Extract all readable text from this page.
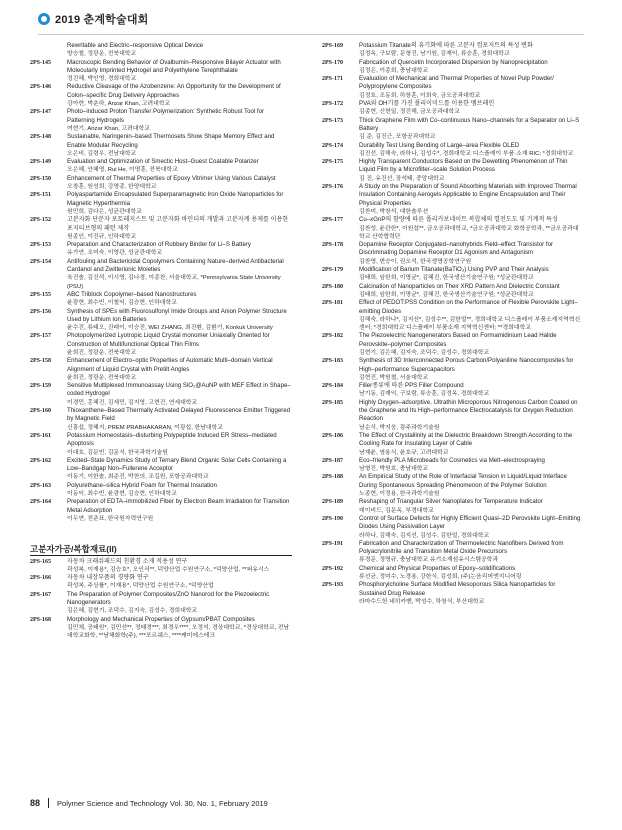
2019 춘계학술대회
Rewritable and Electric–responsive Optical Device
방승철, 정광운, 전북대학교
2PS-145	Macroscopic Bending Behavior of Ovalbumin–Responsive Bilayer Actuator with Molecularly Imprinted Hydrogel and Polyethylene Terephthalate
정진혜, 박인영, 경희대학교
2PS-146	Reductive Cleavage of the Azobenzene: An Opportunity for the Development of Colon–specific Drug Delivery Approaches
강아현, 박춘하, Anzar Khan, 고려대학교
2PS-147	Photo–induced Proton Transfer Polymerization: Synthetic Robust Tool for Patterning Hydrogels
여현기, Anzar Khan, 고려대학교
2PS-148	Sustainable, Naringenin–based Thermosets Show Shape Memory Effect and Enable Modular Recycling
오은비, 김령우, 전남대학교
2PS-149	Evaluation and Optimization of Smectic Host–Guest Coatable Polarizer
오은혜, 안혜영, Rui He, 이명훈, 전북대학교
2PS-150	Enhancement of Thermal Properties of Epoxy Vitrimer Using Various Catalyst
오창훈, 원성희, 강영종, 한양대학교
2PS-151	Polyaspartamide Encapsulated Superparamagnetic Iron Oxide Nanoparticles for Magnetic Hyperthermia
원민희, 김다은, 성균관대학교
2PS-152	고분자화 단분자 포토레지스트 및 고분자화 바인더의 개발과 고분자계 용제를 이용한 포지티브형의 패턴 제작
원종인, 이진규, 인하대학교
2PS-153	Preparation and Characterization of Rubbery Binder for Li–S Battery
유가연, 조미숙, 이영관, 성균관대학교
2PS-154	Antifouling and Bactericidal Copolymers Containing Nature–derived Antibacterial Cardanol and Zwitterionic Moieties
육진솔, 김진석, 이시영, 김나경, 이종찬, 서울대학교, *Pennsylvania State University (PSU)
2PS-155	ABC Triblock Copolymer–based Nanostructures
윤광현, 최수빈, 이철익, 김승현, 인하대학교
2PS-156	Synthesis of SPEs with Fluorosulfonyl Imide Groups and Anion Polymer Structure Used by Lithium Ion Batteries
윤수진, 류태오, 진래이, 이승진, WEI ZHANG, 최진환, 김환기, Konkuk University
2PS-157	Photopolymerized Lyotropic Liquid Crystal monomer Uniaxially Oriented for Construction of Multifunctional Optical Thin Films
윤희진, 정광운, 전북대학교
2PS-158	Enhancement of Electro–optic Properties of Automatic Multi–domain Vertical Alignment of Liquid Crystal with Pretilt Angles
윤희진, 정광운, 전북대학교
2PS-159	Sensitive Multiplexed Immunoassay Using SiO₂@AuNP with MEF Effect in Shape–coded Hydrogel
이경민, 홍혜진, 김세민, 김지영, 고현진, 연세대학교
2PS-160	Thioxanthene–Based Thermally Activated Delayed Fluorescence Emitter Triggered by Magnetic Field
신흥섭, 정혜지, PREM PRABHAKARAN, 이광섭, 한남대학교
2PS-161	Potassium Homeostasis–disturbing Polypeptide Induced ER Stress–mediated Apoptosis
이대호, 김문빈, 김문식, 한국과학기술원
2PS-162	Excited–State Dynamics Study of Ternary Blend Organic Solar Cells Containing a Low–Bandgap Non–Fullerene Acceptor
이동기, 이한솔, 최준진, 박찬의, 조길원, 포항공과대학교
2PS-163	Polyurethane–silica Hybrid Foam for Thermal Insulation
이동익, 최수빈, 윤광현, 김승현, 인하대학교
2PS-164	Preparation of EDTA–immobilized Fiber by Electron Beam Irradiation for Transition Metal Adsorption
이두연, 전준표, 한국원자력연구원
고분자가공/복합재료(II)
2PS-165	자동차 크래쉬패드의 친환경 소재 적용성 연구
곽성복, 이재용*, 김승호*, 오인서**, 덕양산업 수원연구소, *덕양산업, **퍼유시스
2PS-166	자동차 내장부품의 경량화 연구
곽성복, 주상률*, 이재용*, 덕양산업 수원연구소, *덕양산업
2PS-167	The Preparation of Polymer Composites/ZnO Nanorod for the Piezoelectric Nanogenerators
김은혜, 김현기, 조덕수, 김지숙, 김성수, 경희대학교
2PS-168	Morphology and Mechanical Properties of Gypsum/PBAT Composites
김민채, 공태원*, 김민선**, 정태경***, 최경우****, 오정석, 경상대학교, *경상대학교, 전남대학교화학, **남해화학(주), ***포르쉐스, ****케미에스테크
2PS-169	Potassium Titanate의 유기화에 따른 고분자 컴포지트의 특성 변화
김정옥, 구보람, 문형진, 남기원, 김재익, 류승훈, 경희대학교
2PS-170	Fabrication of Quercetin Incorporated Dispersion by Nanoprecipitation
김정은, 이종희, 충남대학교
2PS-171	Evaluation of Mechanical and Thermal Properties of Novel Pulp Powder/ Polypropylene Composites
김정호, 조동희, 하창훈, 이희숙, 금오공과대학교
2PS-172	PVA와 OH기를 가진 폴리이미드를 이용한 멤브레인
김종현, 신현일, 정진해, 금오공과대학교
2PS-173	Thick Graphene Film with Co–continuous Nano–channels for a Separator on Li–S Battery
김 준, 김진근, 포항공과대학교
2PS-174	Durability Test Using Bending of Large–area Flexible OLED
김진선, 김해숙, 라하나, 김성수*, 경희대학교 디스플레이 부품·소재 RIC; *경희대학교
2PS-175	Highly Transparent Conductors Based on the Dewetting Phenomenon of Thin Liquid Film by a Microfilter–scale Solution Process
김 진, 유진선, 장석태, 중앙대학교
2PS-176	A Study on the Preparation of Sound Absorbing Materials with Improved Thermal Insulation Containing Aerogels Applicable to Engine Encapsulation and Their Physical Properties
김찬미, 박창석, 대한솔루션
2PS-177	Cu–xGnP의 함량에 따른 폴리카보네이트 복합체의 열전도도 및 기계적 특성
김찬성, 윤관한*, 이원섭**, 금오공과대학교, *금오공과대학교 화학공학과, **금오공과대학교 산학협력단
2PS-178	Dopamine Receptor Conjugated–nanohybrids Field–effect Transistor for Discriminating Dopamine Receptor D1 Agonism and Antagonism
김찬영, 변승이, 권오석, 한국생명공학연구원
2PS-179	Modification of Barium Titanate(BaTiO₃) Using PVP and Their Analysis
김태희, 임한희, 이명균*, 김혜진, 한국생산기술연구원; *성균관대학교
2PS-180	Calcination of Nanoparticles on Their XRD Pattern And Dielectric Constant
김태희, 임한희, 이명균*, 김혜진, 한국생산기술연구원; *성균관대학교
2PS-181	Effect of PEDOT:PSS Condition on the Performance of Flexible Perovskite Light–emitting Diodes
김해숙, 라하나*, 김지선*, 김성수**, 김한얼**, 경희대학교 디스플레이 부품소재지역혁신센터; *경희대학교 디스플레이 부품소재 지역혁신센터; **경희대학교
2PS-182	The Piezoelectric Nanogenerators Based on Formamidinium Lead Halide Perovskite–polymer Composites
김현기, 김은혜, 김지숙, 조덕수, 김성수, 경희대학교
2PS-183	Synthesis of 3D Interconnected Porous Carbon/Polyaniline Nanocomposites for High–performance Supercapacitors
김현진, 박원철, 서울대학교
2PS-184	Filler종류에 따른 PPS Filler Compound
남기동, 김재익, 구보람, 류승훈, 김정옥, 경희대학교
2PS-185	Highly Oxygen–adsorptive, Ultrathin Microporous Nitrogenous Carbon Coated on the Graphene and Its High–performance Electrocatalysis for Oxygen Reduction Reaction
남순식, 박지웅, 광주과학기술원
2PS-186	The Effect of Crystallinity at the Dielectric Breakdown Strength According to the Cooling Rate for Insulating Layer of Cable
남재윤, 염용식, 윤호규, 고려대학교
2PS-187	Eco–friendly PLA Microbeads for Cosmetics via Melt–electrospraying
남형진, 박원호, 충남대학교
2PS-188	An Empirical Study of the Role of Interfacial Tension in Liquid/Liquid Interface During Spontaneous Spreading Phenomenon of the Polymer Solution
노종현, 이정용, 한국과학기술원
2PS-189	Reshaping of Triangular Silver Nanoplates for Temperature Indicator
데이비드, 김문옥, 부경대학교
2PS-190	Control of Surface Defects for Highly Efficient Quasi–2D Perovskite Light–Emitting Diodes Using Passivation Layer
라하나, 김해숙, 김지선, 김성수, 김한얼, 경희대학교
2PS-191	Fabrication and Characterization of Thermoelectric Nanofibers Derived from Polyacrylonitrile and Transition Metal Oxide Precursors
류경문, 정명규, 충남대학교 유기소재섬유시스템공학과
2PS-192	Chemical and Physical Properties of Epoxy–solidifications
류선균, 정미수, 노경용, 강한식, 김성희, (주)는음리머엔지니어링
2PS-193	Phosphorylcholine Surface Modified Mesoporous Silica Nanoparticles for Sustained Drug Release
라마수드헌 네히카벤, 박성수, 하창식, 부산대학교
88 Polymer Science and Technology Vol. 30, No. 1, February 2019
